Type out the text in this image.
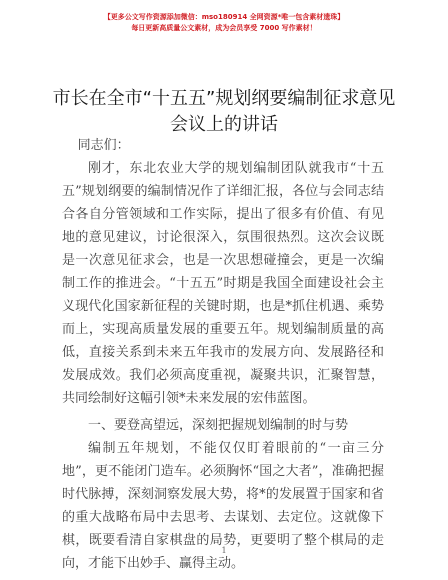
【更多公文写作资源添加微信：mso180914 全网资源*唯一包含素材遗珠】
每日更新高质量公文素材，成为会员享受 7000 写作素材！
市长在全市“十五五”规划纲要编制征求意见
会议上的讲话

同志们：

刚才，东北农业大学的规划编制团队就我市“十五五”规划纲要的编制情况作了详细汇报，各位与会同志结合各自分管领域和工作实际，提出了很多有价值、有见地的意见建议，讨论很深入，氛围很热烈。这次会议既是一次意见征求会，也是一次思想碰撞会，更是一次编制工作的推进会。“十五五”时期是我国全面建设社会主义现代化国家新征程的关键时期，也是*抓住机遇、乘势而上，实现高质量发展的重要五年。规划编制质量的高低，直接关系到未来五年我市的发展方向、发展路径和发展成效。我们必须高度重视，凝聚共识，汇聚智慧，共同绘制好这幅引领*未来发展的宏伟蓝图。

一、要登高望远，深刻把握规划编制的时与势

编制五年规划，不能仅仅盯着眼前的“一亩三分地”，更不能闭门造车。必须胸怀“国之大者”，准确把握时代脉搏，深刻洞察发展大势，将*的发展置于国家和省的重大战略布局中去思考、去谋划、去定位。这就像下棋，既要看清自家棋盘的局势，更要明了整个棋局的走向，才能下出妙手、赢得主动。

1
